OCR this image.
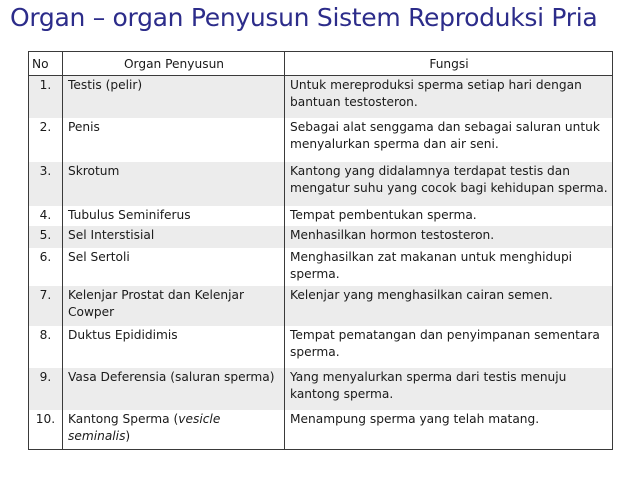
Organ – organ Penyusun Sistem Reproduksi Pria
No	Organ Penyusun	Fungsi
1.	Testis (pelir)	Untuk mereproduksi sperma setiap hari dengan bantuan testosteron.
2.	Penis	Sebagai alat senggama dan sebagai saluran untuk menyalurkan sperma dan air seni.
3.	Skrotum	Kantong yang didalamnya terdapat testis dan mengatur suhu yang cocok bagi kehidupan sperma.
4.	Tubulus Seminiferus	Tempat pembentukan sperma.
5.	Sel Interstisial	Menhasilkan hormon testosteron.
6.	Sel Sertoli	Menghasilkan zat makanan untuk menghidupi sperma.
7.	Kelenjar Prostat dan Kelenjar Cowper	Kelenjar yang menghasilkan cairan semen.
8.	Duktus Epididimis	Tempat pematangan dan penyimpanan sementara sperma.
9.	Vasa Deferensia (saluran sperma)	Yang menyalurkan sperma dari testis menuju kantong sperma.
10.	Kantong Sperma (vesicle seminalis)	Menampung sperma yang telah matang.
